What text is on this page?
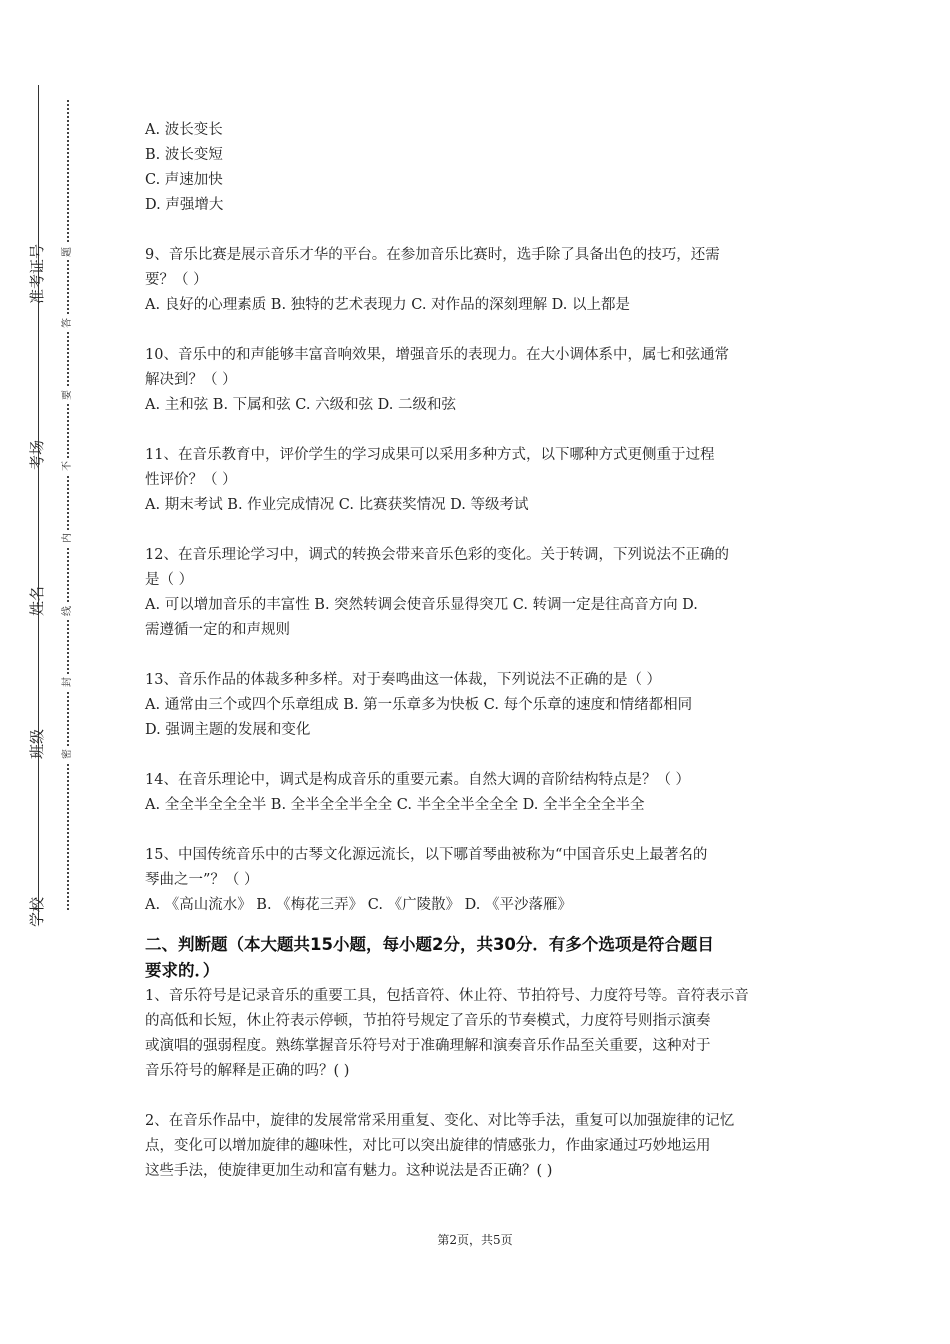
准考证号
考场
姓名
班级
学校
题
答
要
不
内
线
封
密
A. 波长变长
B. 波长变短
C. 声速加快
D. 声强增大
9、音乐比赛是展示音乐才华的平台。在参加音乐比赛时，选手除了具备出色的技巧，还需
要？（ ）
A. 良好的心理素质 B. 独特的艺术表现力 C. 对作品的深刻理解 D. 以上都是
10、音乐中的和声能够丰富音响效果，增强音乐的表现力。在大小调体系中，属七和弦通常
解决到？（ ）
A. 主和弦 B. 下属和弦 C. 六级和弦 D. 二级和弦
11、在音乐教育中，评价学生的学习成果可以采用多种方式，以下哪种方式更侧重于过程
性评价？（ ）
A. 期末考试 B. 作业完成情况 C. 比赛获奖情况 D. 等级考试
12、在音乐理论学习中，调式的转换会带来音乐色彩的变化。关于转调，下列说法不正确的
是（ ）
A. 可以增加音乐的丰富性 B. 突然转调会使音乐显得突兀 C. 转调一定是往高音方向 D.
需遵循一定的和声规则
13、音乐作品的体裁多种多样。对于奏鸣曲这一体裁，下列说法不正确的是（ ）
A. 通常由三个或四个乐章组成 B. 第一乐章多为快板 C. 每个乐章的速度和情绪都相同
D. 强调主题的发展和变化
14、在音乐理论中，调式是构成音乐的重要元素。自然大调的音阶结构特点是？（ ）
A. 全全半全全全半 B. 全半全全半全全 C. 半全全半全全全 D. 全半全全全半全
15、中国传统音乐中的古琴文化源远流长，以下哪首琴曲被称为“中国音乐史上最著名的
琴曲之一”？（ ）
A. 《高山流水》 B. 《梅花三弄》 C. 《广陵散》 D. 《平沙落雁》
二、判断题（本大题共15小题，每小题2分，共30分．有多个选项是符合题目
要求的．）
1、音乐符号是记录音乐的重要工具，包括音符、休止符、节拍符号、力度符号等。音符表示音
的高低和长短，休止符表示停顿，节拍符号规定了音乐的节奏模式，力度符号则指示演奏
或演唱的强弱程度。熟练掌握音乐符号对于准确理解和演奏音乐作品至关重要，这种对于
音乐符号的解释是正确的吗？( )
2、在音乐作品中，旋律的发展常常采用重复、变化、对比等手法，重复可以加强旋律的记忆
点，变化可以增加旋律的趣味性，对比可以突出旋律的情感张力，作曲家通过巧妙地运用
这些手法，使旋律更加生动和富有魅力。这种说法是否正确？( )
第2页，共5页
